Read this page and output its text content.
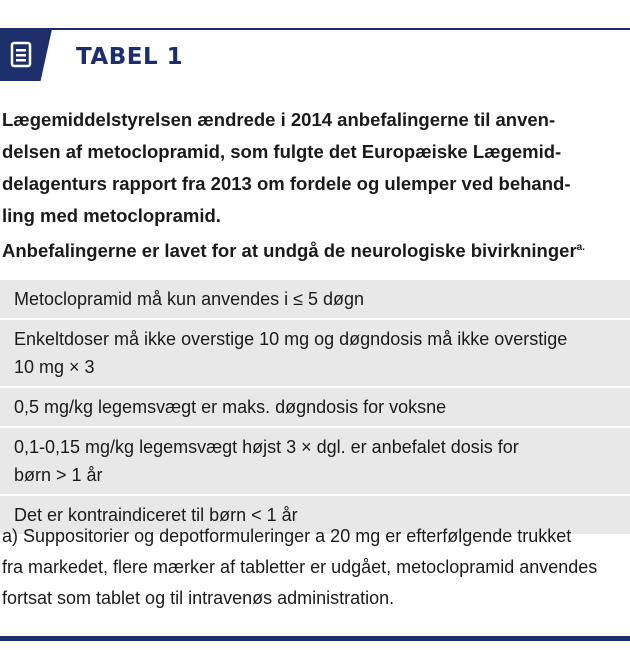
TABEL 1
Lægemiddelstyrelsen ændrede i 2014 anbefalingerne til anven-
delsen af metoclopramid, som fulgte det Europæiske Lægemid-
delagenturs rapport fra 2013 om fordele og ulemper ved behand-
ling med metoclopramid.
Anbefalingerne er lavet for at undgå de neurologiske bivirkninger$^{a.}$
Metoclopramid må kun anvendes i ≤ 5 døgn
Enkeltdoser må ikke overstige 10 mg og døgndosis må ikke overstige
10 mg × 3
0,5 mg/kg legemsvægt er maks. døgndosis for voksne
0,1-0,15 mg/kg legemsvægt højst 3 × dgl. er anbefalet dosis for
børn > 1 år
Det er kontraindiceret til børn < 1 år
a) Suppositorier og depotformuleringer a 20 mg er efterfølgende trukket
fra markedet, flere mærker af tabletter er udgået, metoclopramid anvendes
fortsat som tablet og til intravenøs administration.
